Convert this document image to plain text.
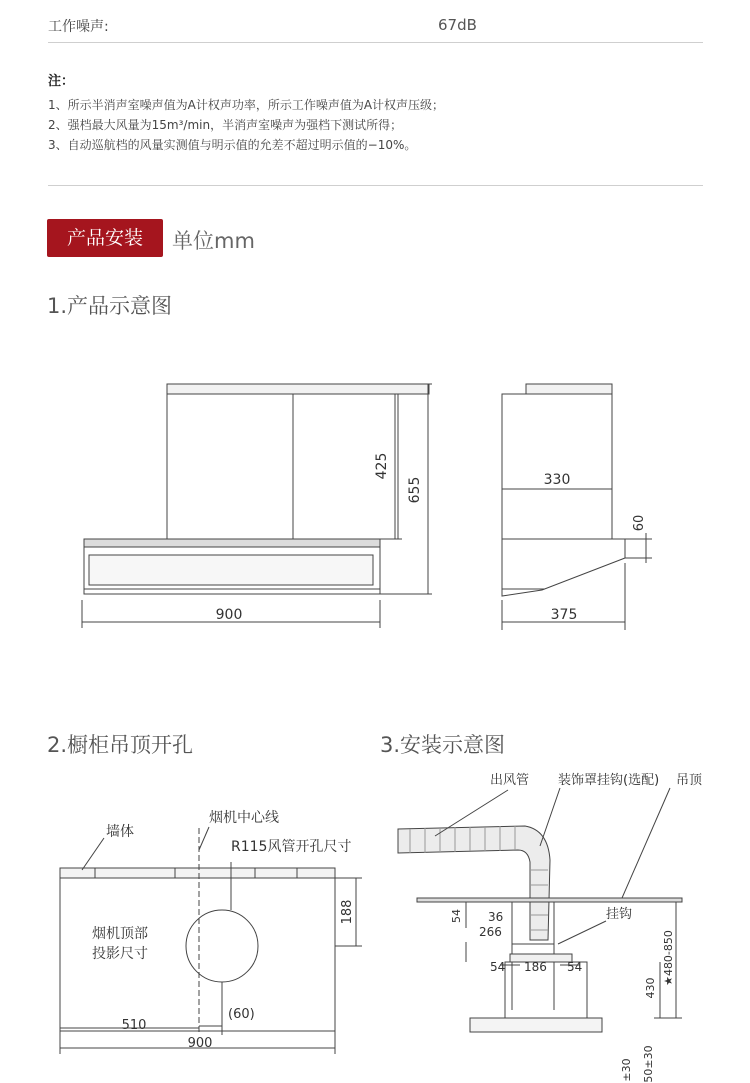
工作噪声:	67dB
注：
1、所示半消声室噪声值为A计权声功率，所示工作噪声值为A计权声压级；
2、强档最大风量为15m³/min，半消声室噪声为强档下测试所得；
3、自动巡航档的风量实测值与明示值的允差不超过明示值的−10%。
产品安装	单位mm
1.产品示意图
2.橱柜吊顶开孔	3.安装示意图
900
425
655	330
375
60
墙体
烟机中心线
R115风管开孔尺寸
烟机顶部
投影尺寸
188
(60)
510
900
出风管 装饰罩挂钩(选配) 吊顶
挂钩
54 36
266
54 186 54	★480-850
430
±30 50±30
